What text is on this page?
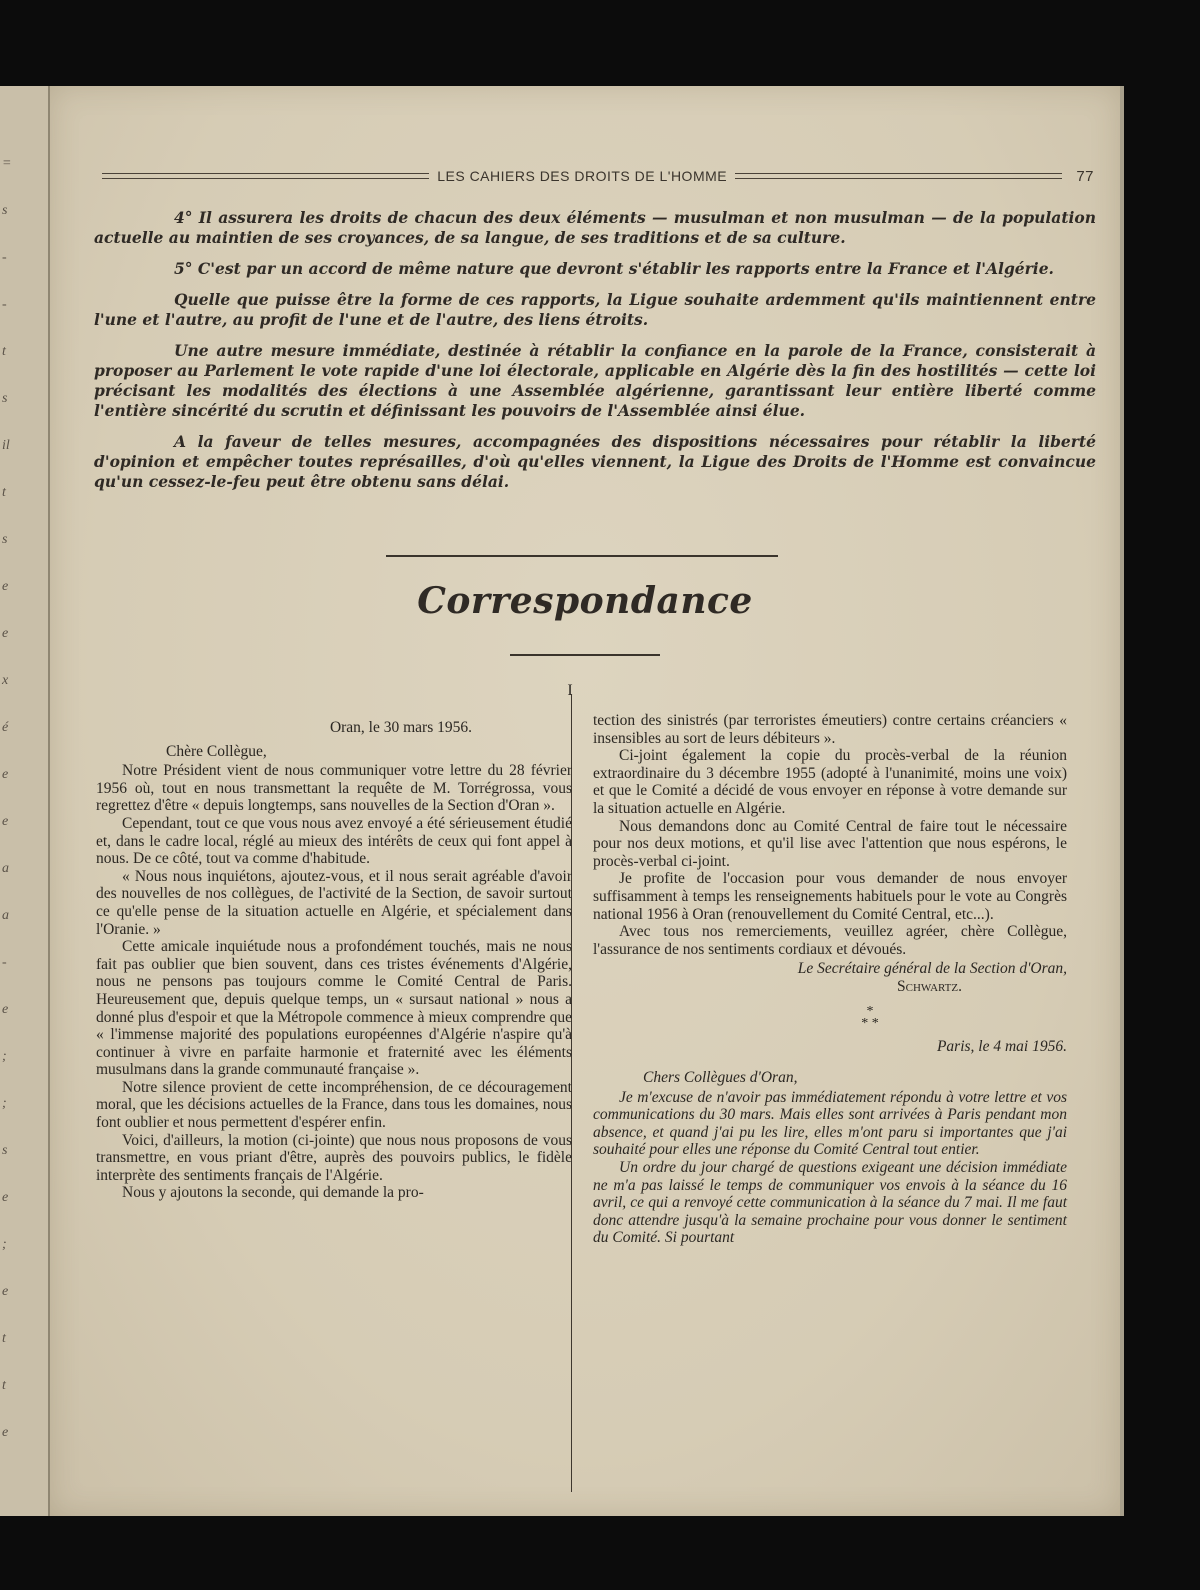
=
s
-
-
t
s
il
t
s
e
e
x
é
e
e
a
a
-
e
;
;
s
e
;
e
t
t
e
LES CAHIERS DES DROITS DE L'HOMME	77

4° Il assurera les droits de chacun des deux éléments — musulman et non musulman — de la population actuelle au maintien de ses croyances, de sa langue, de ses traditions et de sa culture.

5° C'est par un accord de même nature que devront s'établir les rapports entre la France et l'Algérie.

Quelle que puisse être la forme de ces rapports, la Ligue souhaite ardemment qu'ils maintiennent entre l'une et l'autre, au profit de l'une et de l'autre, des liens étroits.

Une autre mesure immédiate, destinée à rétablir la confiance en la parole de la France, consisterait à proposer au Parlement le vote rapide d'une loi électorale, applicable en Algérie dès la fin des hostilités — cette loi précisant les modalités des élections à une Assemblée algérienne, garantissant leur entière liberté comme l'entière sincérité du scrutin et définissant les pouvoirs de l'Assemblée ainsi élue.

A la faveur de telles mesures, accompagnées des dispositions nécessaires pour rétablir la liberté d'opinion et empêcher toutes représailles, d'où qu'elles viennent, la Ligue des Droits de l'Homme est convaincue qu'un cessez-le-feu peut être obtenu sans délai.

Correspondance
I

Oran, le 30 mars 1956.

Chère Collègue,

Notre Président vient de nous communiquer votre lettre du 28 février 1956 où, tout en nous transmettant la requête de M. Torrégrossa, vous regrettez d'être « depuis longtemps, sans nouvelles de la Section d'Oran ».

Cependant, tout ce que vous nous avez envoyé a été sérieusement étudié et, dans le cadre local, réglé au mieux des intérêts de ceux qui font appel à nous. De ce côté, tout va comme d'habitude.

« Nous nous inquiétons, ajoutez-vous, et il nous serait agréable d'avoir des nouvelles de nos collègues, de l'activité de la Section, de savoir surtout ce qu'elle pense de la situation actuelle en Algérie, et spécialement dans l'Oranie. »

Cette amicale inquiétude nous a profondément touchés, mais ne nous fait pas oublier que bien souvent, dans ces tristes événements d'Algérie, nous ne pensons pas toujours comme le Comité Central de Paris. Heureusement que, depuis quelque temps, un « sursaut national » nous a donné plus d'espoir et que la Métropole commence à mieux comprendre que « l'immense majorité des populations européennes d'Algérie n'aspire qu'à continuer à vivre en parfaite harmonie et fraternité avec les éléments musulmans dans la grande communauté française ».

Notre silence provient de cette incompréhension, de ce découragement moral, que les décisions actuelles de la France, dans tous les domaines, nous font oublier et nous permettent d'espérer enfin.

Voici, d'ailleurs, la motion (ci-jointe) que nous nous proposons de vous transmettre, en vous priant d'être, auprès des pouvoirs publics, le fidèle interprète des sentiments français de l'Algérie.

Nous y ajoutons la seconde, qui demande la pro-

tection des sinistrés (par terroristes émeutiers) contre certains créanciers « insensibles au sort de leurs débiteurs ».

Ci-joint également la copie du procès-verbal de la réunion extraordinaire du 3 décembre 1955 (adopté à l'unanimité, moins une voix) et que le Comité a décidé de vous envoyer en réponse à votre demande sur la situation actuelle en Algérie.

Nous demandons donc au Comité Central de faire tout le nécessaire pour nos deux motions, et qu'il lise avec l'attention que nous espérons, le procès-verbal ci-joint.

Je profite de l'occasion pour vous demander de nous envoyer suffisamment à temps les renseignements habituels pour le vote au Congrès national 1956 à Oran (renouvellement du Comité Central, etc...).

Avec tous nos remerciements, veuillez agréer, chère Collègue, l'assurance de nos sentiments cordiaux et dévoués.

Le Secrétaire général de la Section d'Oran,

Schwartz.

*
* *

Paris, le 4 mai 1956.

Chers Collègues d'Oran,

Je m'excuse de n'avoir pas immédiatement répondu à votre lettre et vos communications du 30 mars. Mais elles sont arrivées à Paris pendant mon absence, et quand j'ai pu les lire, elles m'ont paru si importantes que j'ai souhaité pour elles une réponse du Comité Central tout entier.

Un ordre du jour chargé de questions exigeant une décision immédiate ne m'a pas laissé le temps de communiquer vos envois à la séance du 16 avril, ce qui a renvoyé cette communication à la séance du 7 mai. Il me faut donc attendre jusqu'à la semaine prochaine pour vous donner le sentiment du Comité. Si pourtant
